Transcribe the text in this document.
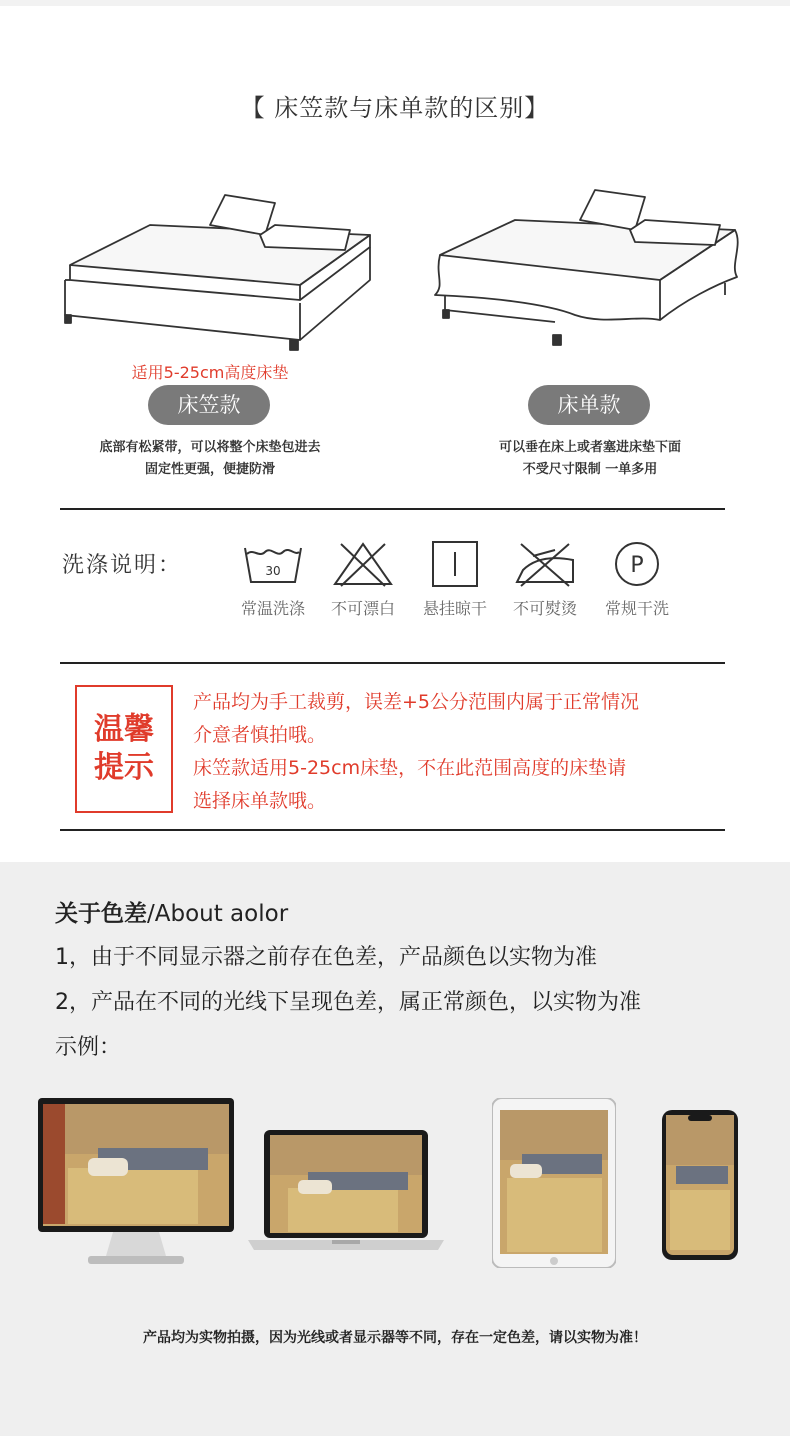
【 床笠款与床单款的区别】
适用5-25cm高度床垫
床笠款	床单款
底部有松紧带，可以将整个床垫包进去
固定性更强，便捷防滑
可以垂在床上或者塞进床垫下面
不受尺寸限制 一单多用
洗涤说明：	30
常温洗涤	不可漂白	悬挂晾干	不可熨烫
P
常规干洗
温馨
提示
产品均为手工裁剪，误差+5公分范围内属于正常情况
介意者慎拍哦。
床笠款适用5-25cm床垫，不在此范围高度的床垫请
选择床单款哦。
关于色差/About aolor
1，由于不同显示器之前存在色差，产品颜色以实物为准
2，产品在不同的光线下呈现色差，属正常颜色，以实物为准
示例：
产品均为实物拍摄，因为光线或者显示器等不同，存在一定色差，请以实物为准！
